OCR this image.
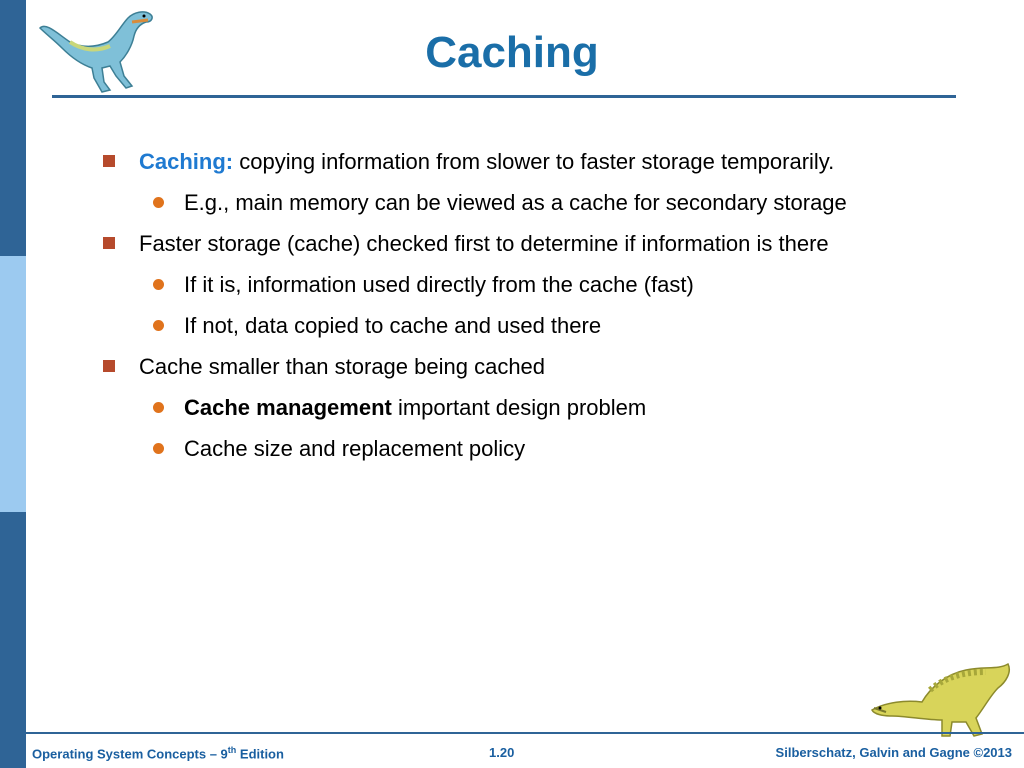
Caching
Caching: copying information from slower to faster storage temporarily.
E.g., main memory can be viewed as a cache for secondary storage
Faster storage (cache) checked first to determine if information is there
If it is, information used directly from the cache (fast)
If not, data copied to cache and used there
Cache smaller than storage being cached
Cache management important design problem
Cache size and replacement policy
Operating System Concepts – 9th Edition	1.20	Silberschatz, Galvin and Gagne ©2013
